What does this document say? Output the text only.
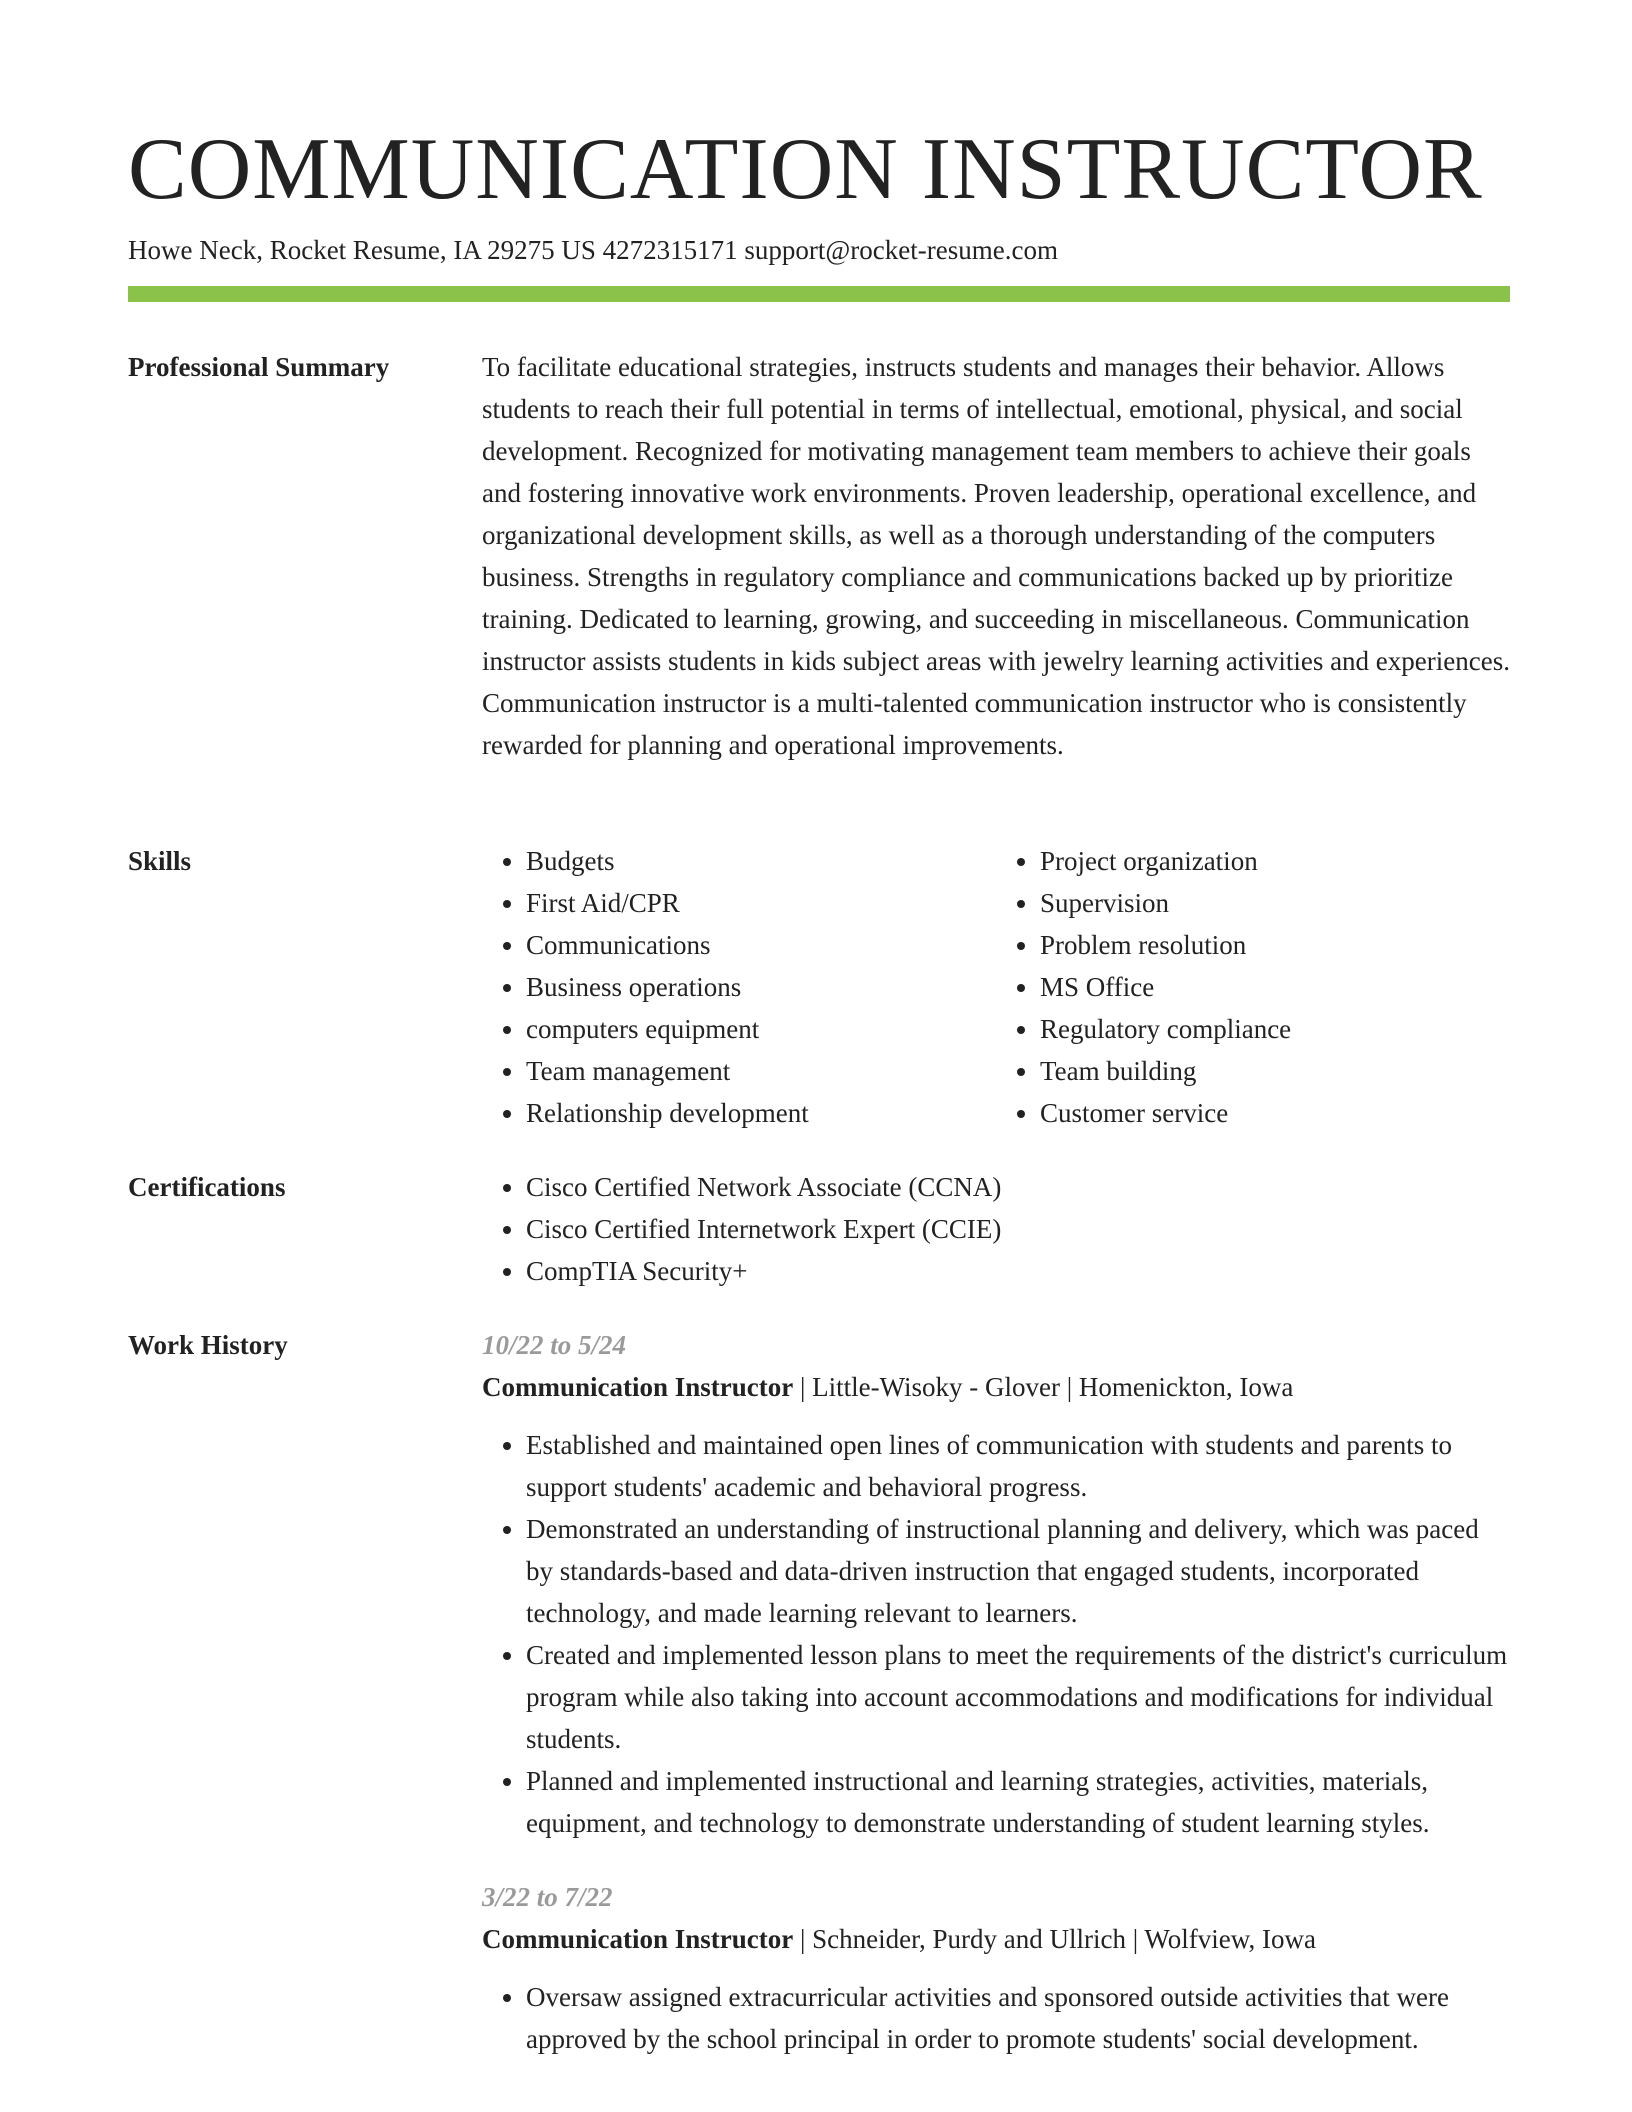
COMMUNICATION INSTRUCTOR
Howe Neck, Rocket Resume, IA 29275 US 4272315171 support@rocket-resume.com
Professional Summary	To facilitate educational strategies, instructs students and manages their behavior. Allows students to reach their full potential in terms of intellectual, emotional, physical, and social development. Recognized for motivating management team members to achieve their goals and fostering innovative work environments. Proven leadership, operational excellence, and organizational development skills, as well as a thorough understanding of the computers business. Strengths in regulatory compliance and communications backed up by prioritize training. Dedicated to learning, growing, and succeeding in miscellaneous. Communication instructor assists students in kids subject areas with jewelry learning activities and experiences. Communication instructor is a multi-talented communication instructor who is consistently rewarded for planning and operational improvements.
Skills	• Budgets
• First Aid/CPR
• Communications
• Business operations
• computers equipment
• Team management
• Relationship development
• Project organization
• Supervision
• Problem resolution
• MS Office
• Regulatory compliance
• Team building
• Customer service
Certifications	• Cisco Certified Network Associate (CCNA)
• Cisco Certified Internetwork Expert (CCIE)
• CompTIA Security+
Work History	10/22 to 5/24
Communication Instructor | Little-Wisoky - Glover | Homenickton, Iowa
• Established and maintained open lines of communication with students and parents to support students' academic and behavioral progress.
• Demonstrated an understanding of instructional planning and delivery, which was paced by standards-based and data-driven instruction that engaged students, incorporated technology, and made learning relevant to learners.
• Created and implemented lesson plans to meet the requirements of the district's curriculum program while also taking into account accommodations and modifications for individual students.
• Planned and implemented instructional and learning strategies, activities, materials, equipment, and technology to demonstrate understanding of student learning styles.
3/22 to 7/22
Communication Instructor | Schneider, Purdy and Ullrich | Wolfview, Iowa
• Oversaw assigned extracurricular activities and sponsored outside activities that were approved by the school principal in order to promote students' social development.
